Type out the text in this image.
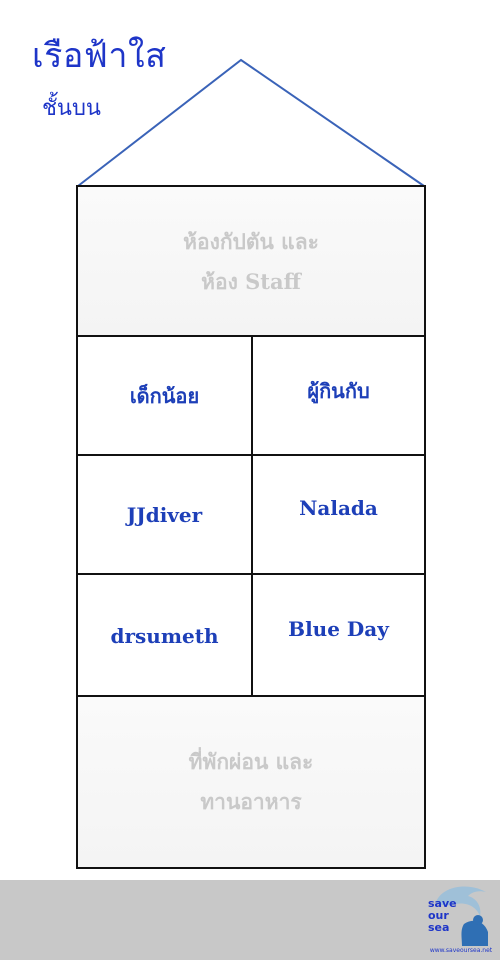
เรือฟ้าใส
ชั้นบน
ห้องกัปตัน และ
ห้อง Staff
เด็กน้อย	ผู้กินกับ
JJdiver	Nalada
drsumeth	Blue Day
ที่พักผ่อน และ
ทานอาหาร
save
our
sea
www.saveoursea.net
